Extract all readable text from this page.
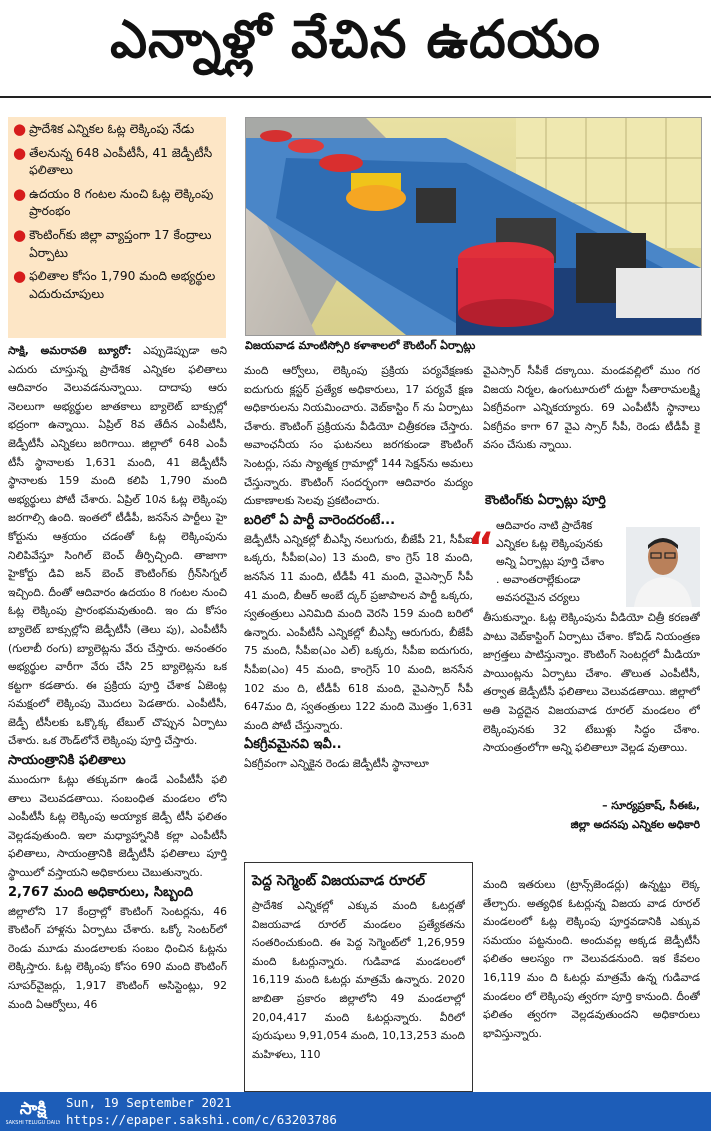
ఎన్నాళ్లో వేచిన ఉదయం
● ప్రాదేశిక ఎన్నికల ఓట్ల లెక్కింపు నేడు
● తేలనున్న 648 ఎంపీటీసీ, 41 జెడ్పీటీసీ ఫలితాలు
● ఉదయం 8 గంటల నుంచి ఓట్ల లెక్కింపు ప్రారంభం
● కౌంటింగ్‌కు జిల్లా వ్యాప్తంగా 17 కేంద్రాలు ఏర్పాటు
● ఫలితాల కోసం 1,790 మంది అభ్యర్థుల ఎదురుచూపులు
విజయవాడ మాంటిస్సోరి కళాశాలలో కౌంటింగ్ ఏర్పాట్లు

సాక్షి, అమరావతి బ్యూరో: ఎప్పుడెప్పుడా అని ఎదురు చూస్తున్న ప్రాదేశిక ఎన్నికల ఫలితాలు ఆదివారం వెలువడనున్నాయి. దాదాపు ఆరు నెలలుగా అభ్యర్థుల జాతకాలు బ్యాలెట్ బాక్సుల్లో భద్రంగా ఉన్నాయి. ఏప్రిల్ 8వ తేదీన ఎంపీటీసీ, జెడ్పీటీసీ ఎన్నికలు జరిగాయి. జిల్లాలో 648 ఎంపీ టీసీ స్థానాలకు 1,631 మంది, 41 జెడ్పీటీసీ స్థానాలకు 159 మంది కలిపి 1,790 మంది అభ్యర్థులు పోటీ చేశారు. ఏప్రిల్ 10న ఓట్ల లెక్కింపు జరగాల్సి ఉంది. ఇంతలో టీడీపీ, జనసేన పార్టీలు హై కోర్టును ఆశ్రయం చడంతో ఓట్ల లెక్కింపును నిలిపివేస్తూ సింగిల్ బెంచ్ తీర్పిచ్చింది. తాజాగా హైకోర్టు డివి జన్ బెంచ్ కౌంటింగ్‌కు గ్రీన్‌సిగ్నల్ ఇచ్చింది. దీంతో ఆదివారం ఉదయం 8 గంటల నుంచి ఓట్ల లెక్కింపు ప్రారంభమవుతుంది. ఇం దు కోసం బ్యాలెట్ బాక్సుల్లోని జెడ్పీటీసీ (తెలు పు), ఎంపీటీసీ (గులాబీ రంగు) బ్యాలెట్లను వేరు చేస్తారు. అనంతరం అభ్యర్థుల వారీగా వేరు చేసి 25 బ్యాలెట్లను ఒక కట్టగా కడతారు. ఈ ప్రక్రియ పూర్తి చేశాక ఏజెంట్ల సమక్షంలో లెక్కింపు మొదలు పెడతారు. ఎంపీటీసీ, జెడ్పీ టీసీలకు ఒక్కొక్క టేబుల్ చొప్పున ఏర్పాటు చేశారు. ఒక రౌండ్‌లోనే లెక్కింపు పూర్తి చేస్తారు.

సాయంత్రానికి ఫలితాలు

ముందుగా ఓట్లు తక్కువగా ఉండే ఎంపీటీసీ ఫలి తాలు వెలువడతాయి. సంబంధిత మండలం లోని ఎంపీటీసీ ఓట్ల లెక్కింపు అయ్యాక జెడ్పీ టీసీ ఫలితం వెల్లడవుతుంది. ఇలా మధ్యాహ్నానికి కల్లా ఎంపీటీసీ ఫలితాలు, సాయంత్రానికి జెడ్పీటీసీ ఫలితాలు పూర్తి స్థాయిలో వస్తాయని అధికారులు చెబుతున్నారు.

2,767 మంది అధికారులు, సిబ్బంది

జిల్లాలోని 17 కేంద్రాల్లో కౌంటింగ్ సెంటర్లను, 46 కౌంటింగ్ హాళ్లను ఏర్పాటు చేశారు. ఒక్కో సెంటర్‌లో రెండు మూడు మండలాలకు సంబం ధించిన ఓట్లను లెక్కిస్తారు. ఓట్ల లెక్కింపు కోసం 690 మంది కౌంటింగ్ సూపర్‌వైజర్లు, 1,917 కౌంటింగ్ అసిస్టెంట్లు, 92 మంది ఏఆర్వోలు, 46

మంది ఆర్వోలు, లెక్కింపు ప్రక్రియ పర్యవేక్షణకు ఐదుగురు క్లస్టర్ ప్రత్యేక అధికారులు, 17 పర్యవే క్షణ అధికారులను నియమించారు. వెబ్‌కాస్టిం గ్ ను ఏర్పాటు చేశారు. కౌంటింగ్ ప్రక్రియను వీడియో చిత్రీకరణ చేస్తారు. అవాంఛనీయ సం ఘటనలు జరగకుండా కౌంటింగ్ సెంటర్లు, సమ స్యాత్మక గ్రామాల్లో 144 సెక్షన్‌ను అమలు చేస్తున్నారు. కౌంటింగ్ సందర్భంగా ఆదివారం మద్యం దుకాణాలకు సెలవు ప్రకటించారు.

బరిలో ఏ పార్టీ వారెందరంటే...

జెడ్పీటీసీ ఎన్నికల్లో బీఎస్పీ నలుగురు, బీజేపీ 21, సీపీఐ ఒక్కరు, సీపీఐ(ఎం) 13 మంది, కాం గ్రెస్ 18 మంది, జనసేన 11 మంది, టీడీపీ 41 మంది, వైఎస్సార్ సీపీ 41 మంది, బీఆర్ అంబే ద్కర్ ప్రజాపాలన పార్టీ ఒక్కరు, స్వతంత్రులు ఎనిమిది మంది వెరసి 159 మంది బరిలో ఉన్నారు. ఎంపీటీసీ ఎన్నికల్లో బీఎస్పీ ఆరుగురు, బీజేపీ 75 మంది, సీపీఐ(ఎం ఎల్) ఒక్కరు, సీపీఐ ఐదుగురు, సీపీఐ(ఎం) 45 మంది, కాంగ్రెస్ 10 మంది, జనసేన 102 మం ది, టీడీపీ 618 మంది, వైఎస్సార్ సీపీ 647మం ది, స్వతంత్రులు 122 మంది మొత్తం 1,631 మంది పోటీ చేస్తున్నారు.

ఏకగ్రీవమైనవి ఇవీ..

ఏకగ్రీవంగా ఎన్నికైన రెండు జెడ్పీటీసీ స్థానాలూ

వైఎస్సార్ సీపీకే దక్కాయి. మండవల్లిలో ముం గర విజయ నిర్మల, ఉంగుటూరులో దుట్టా సీతారామలక్ష్మి ఏకగ్రీవంగా ఎన్నికయ్యారు. 69 ఎంపీటీసీ స్థానాలు ఏకగ్రీవం కాగా 67 వైఎ స్సార్ సీపీ, రెండు టీడీపీ కై వసం చేసుకు న్నాయి.

కౌంటింగ్‌కు ఏర్పాట్లు పూర్తి
“ ఆదివారం నాటి ప్రాదేశిక

ఎన్నికల ఓట్ల లెక్కింపునకు

అన్ని ఏర్పాట్లు పూర్తి చేశాం

. అవాంతరాల్లేకుండా

అవసరమైన చర్యలు

తీసుకున్నాం. ఓట్ల లెక్కింపును వీడియో చిత్రీ కరణతో పాటు వెబ్‌కాస్టింగ్ ఏర్పాటు చేశాం. కోవిడ్ నియంత్రణ జాగ్రత్తలు పాటిస్తున్నాం. కౌంటింగ్ సెంటర్లలో మీడియా పాయింట్లను ఏర్పాటు చేశాం. తొలుత ఎంపీటీసీ, తర్వాత జెడ్పీటీసీ ఫలితాలు వెలువడతాయి. జిల్లాలో అతి పెద్దదైన విజయవాడ రూరల్ మండలం లో లెక్కింపునకు 32 టేబుళ్లు సిద్ధం చేశాం. సాయంత్రంలోగా అన్ని ఫలితాలూ వెల్లడ వుతాయి.

– సూర్యప్రకాష్, సీఈఓ,

జిల్లా అదనపు ఎన్నికల అధికారి

పెద్ద సెగ్మెంట్ విజయవాడ రూరల్
ప్రాదేశిక ఎన్నికల్లో ఎక్కువ మంది ఓటర్లతో విజయవాడ రూరల్ మండలం ప్రత్యేకతను సంతరించుకుంది. ఈ పెద్ద సెగ్మెంట్‌లో 1,26,959 మంది ఓటర్లున్నారు. గుడివాడ మండలంలో 16,119 మంది ఓటర్లు మాత్రమే ఉన్నారు. 2020 జాబితా ప్రకారం జిల్లాలోని 49 మండలాల్లో 20,04,417 మంది ఓటర్లున్నారు. వీరిలో పురుషులు 9,91,054 మంది, 10,13,253 మంది మహిళలు, 110

మంది ఇతరులు (ట్రాన్స్‌జెండర్లు) ఉన్నట్టు లెక్క తేల్చారు. అత్యధిక ఓటర్లున్న విజయ వాడ రూరల్ మండలంలో ఓట్ల లెక్కింపు పూర్తవడానికి ఎక్కువ సమయం పట్టనుంది. అందువల్ల అక్కడ జెడ్పీటీసీ ఫలితం ఆలస్యం గా వెలువడనుంది. ఇక కేవలం 16,119 మం ది ఓటర్లు మాత్రమే ఉన్న గుడివాడ మండలం లో లెక్కింపు త్వరగా పూర్తి కానుంది. దీంతో ఫలితం త్వరగా వెల్లడవుతుందని అధికారులు భావిస్తున్నారు.

సాక్షి
SAKSHI TELUGU DAILY
Sun, 19 September 2021
https://epaper.sakshi.com/c/63203786
